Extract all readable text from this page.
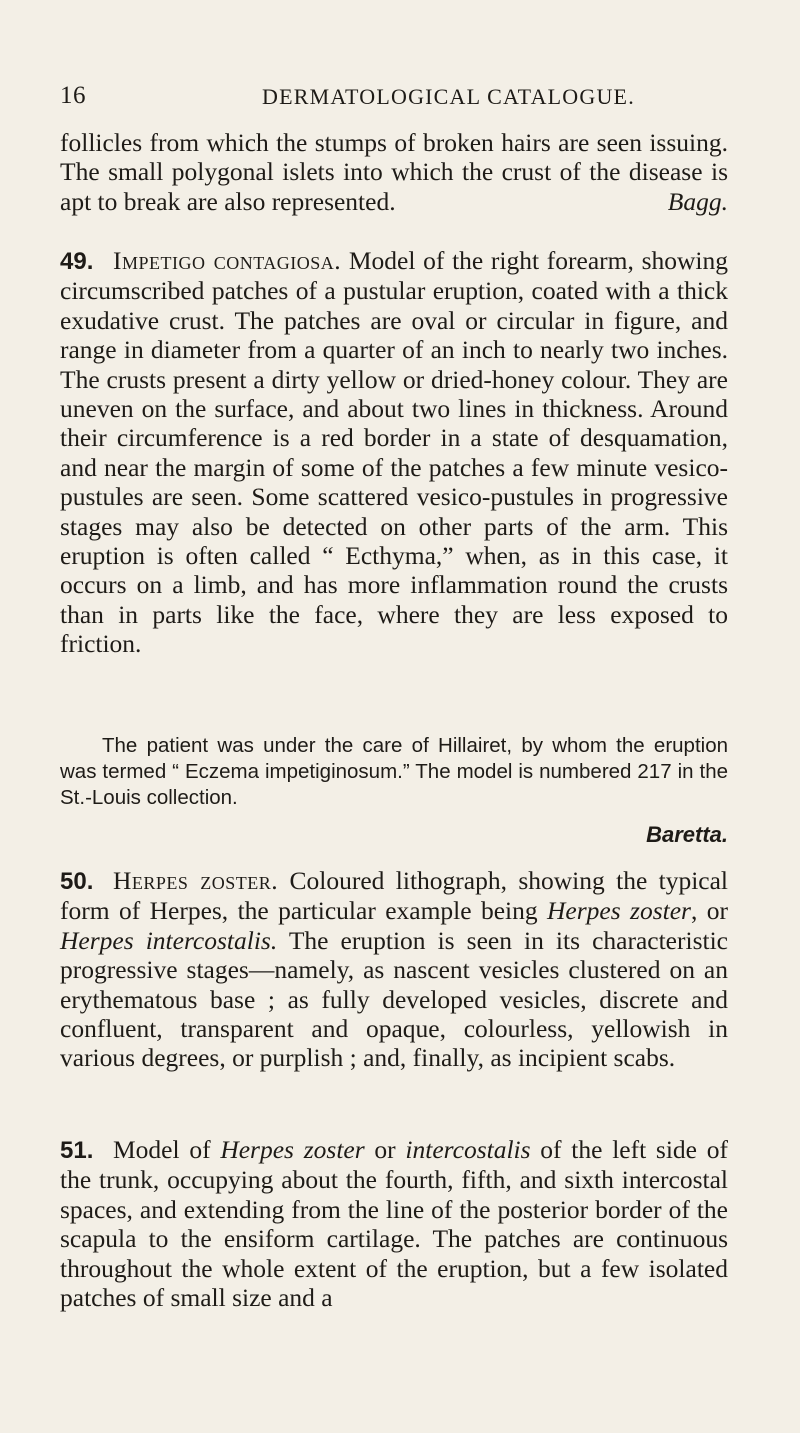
16	DERMATOLOGICAL CATALOGUE.

follicles from which the stumps of broken hairs are seen issuing. The small polygonal islets into which the crust of the disease is apt to break are also represented.	Bagg.

49. Impetigo contagiosa. Model of the right forearm, showing circumscribed patches of a pustular eruption, coated with a thick exudative crust. The patches are oval or circular in figure, and range in diameter from a quarter of an inch to nearly two inches. The crusts present a dirty yellow or dried-honey colour. They are uneven on the surface, and about two lines in thickness. Around their circumference is a red border in a state of desquamation, and near the margin of some of the patches a few minute vesico-pustules are seen. Some scattered vesico-pustules in progressive stages may also be detected on other parts of the arm. This eruption is often called “ Ecthyma,” when, as in this case, it occurs on a limb, and has more inflammation round the crusts than in parts like the face, where they are less exposed to friction.

The patient was under the care of Hillairet, by whom the eruption was termed “ Eczema impetiginosum.” The model is numbered 217 in the St.-Louis collection.

Baretta.

50. Herpes zoster. Coloured lithograph, showing the typical form of Herpes, the particular example being Herpes zoster, or Herpes intercostalis. The eruption is seen in its characteristic progressive stages—namely, as nascent vesicles clustered on an erythematous base ; as fully developed vesicles, discrete and confluent, transparent and opaque, colourless, yellowish in various degrees, or purplish ; and, finally, as incipient scabs.

51. Model of Herpes zoster or intercostalis of the left side of the trunk, occupying about the fourth, fifth, and sixth intercostal spaces, and extending from the line of the posterior border of the scapula to the ensiform cartilage. The patches are continuous throughout the whole extent of the eruption, but a few isolated patches of small size and a
